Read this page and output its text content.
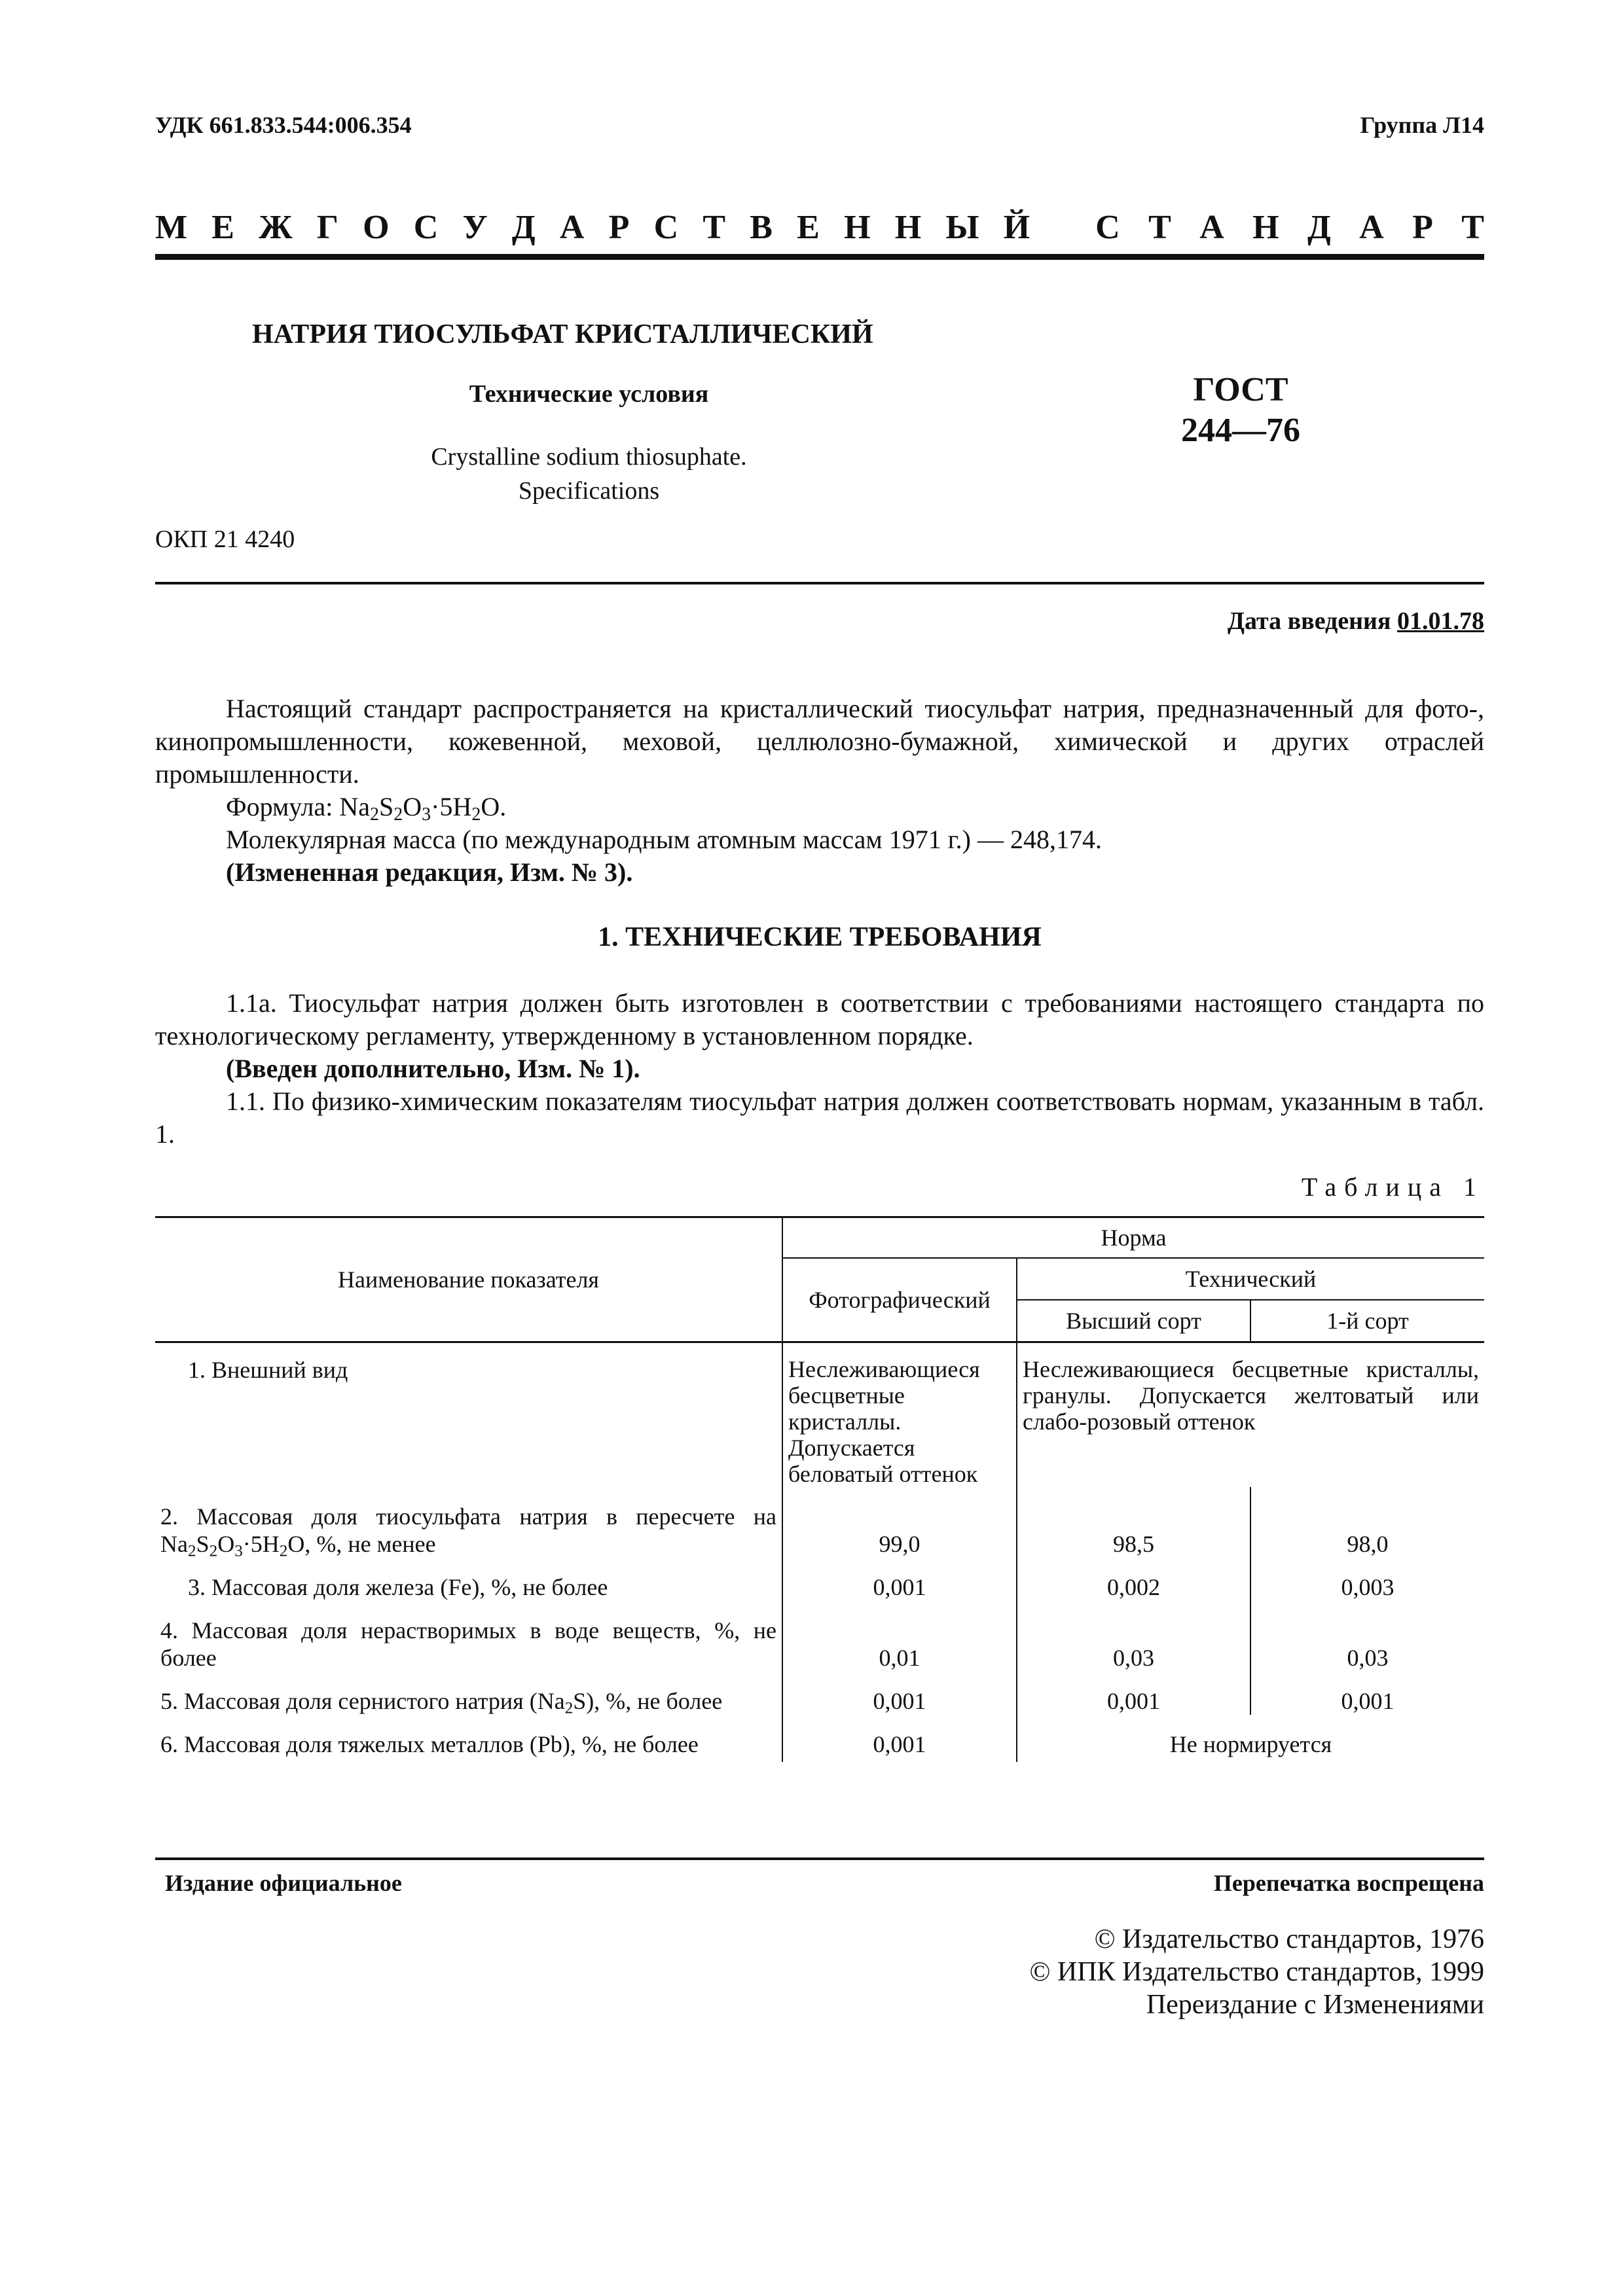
УДК 661.833.544:006.354	Группа Л14
М Е Ж Г О С У Д А Р С Т В Е Н Н Ы Й С Т А Н Д А Р Т
НАТРИЯ ТИОСУЛЬФАТ КРИСТАЛЛИЧЕСКИЙ
Технические условия
Crystalline sodium thiosuphate.
Specifications
ГОСТ
244—76
ОКП 21 4240
Дата введения 01.01.78
Настоящий стандарт распространяется на кристаллический тиосульфат натрия, предназначенный для фото-, кинопромышленности, кожевенной, меховой, целлюлозно-бумажной, химической и других отраслей промышленности.
Формула: $Na_2S_2O_3\cdot 5H_2O$.
Молекулярная масса (по международным атомным массам 1971 г.) — 248,174.
(Измененная редакция, Изм. № 3).
1. ТЕХНИЧЕСКИЕ ТРЕБОВАНИЯ
1.1а. Тиосульфат натрия должен быть изготовлен в соответствии с требованиями настоящего стандарта по технологическому регламенту, утвержденному в установленном порядке.
(Введен дополнительно, Изм. № 1).
1.1. По физико-химическим показателям тиосульфат натрия должен соответствовать нормам, указанным в табл. 1.
Таблица 1
Наименование показателя	Норма		
	Фотографический	Технический	
		Высший сорт	1-й сорт
1. Внешний вид	Неслеживающиеся бесцветные кристаллы. Допускается беловатый оттенок	Неслеживающиеся бесцветные кристаллы, гранулы. Допускается желтоватый или слабо-розовый оттенок	
2. Массовая доля тиосульфата натрия в пересчете на $Na_2S_2O_3\cdot 5H_2O$, %, не менее	99,0	98,5	98,0
3. Массовая доля железа (Fe), %, не более	0,001	0,002	0,003
4. Массовая доля нерастворимых в воде веществ, %, не более	0,01	0,03	0,03
5. Массовая доля сернистого натрия $(Na_2S)$, %, не более	0,001	0,001	0,001
6. Массовая доля тяжелых металлов (Pb), %, не более	0,001	Не нормируется	
Издание официальное	Перепечатка воспрещена
© Издательство стандартов, 1976
© ИПК Издательство стандартов, 1999
Переиздание с Изменениями
